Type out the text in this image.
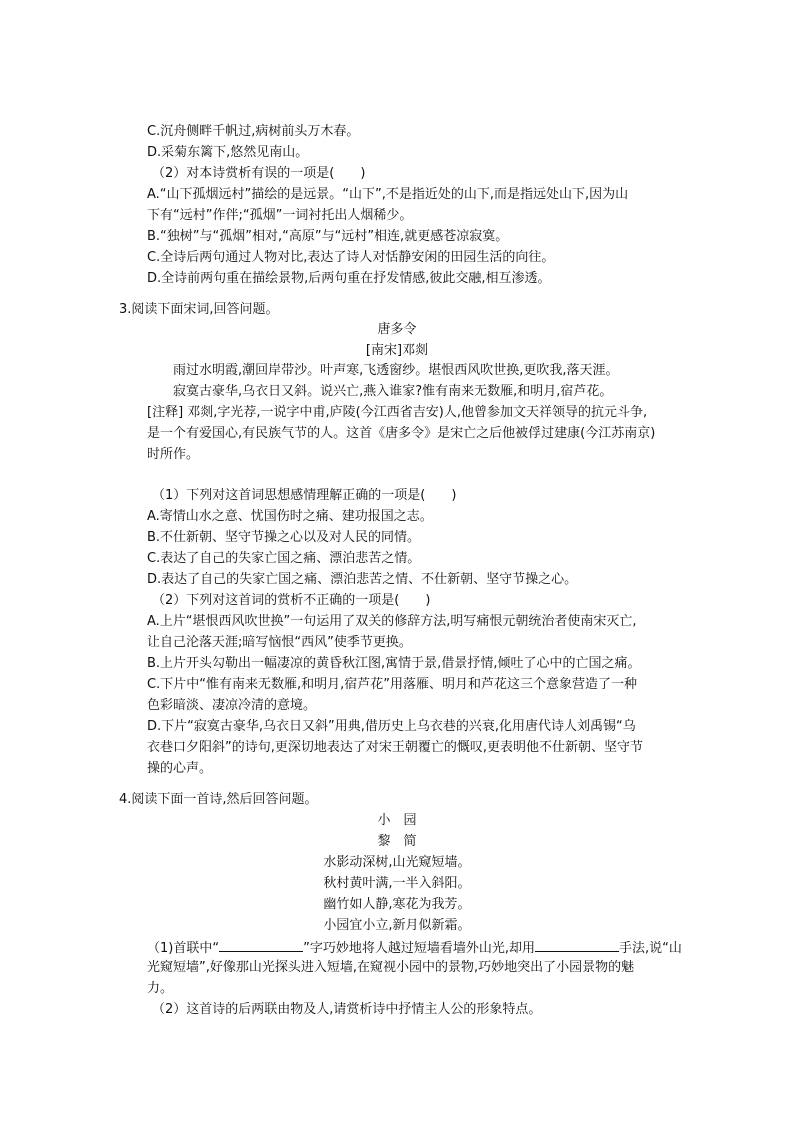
C.沉舟侧畔千帆过,病树前头万木春。
D.采菊东篱下,悠然见南山。
（2）对本诗赏析有误的一项是(　　)
A.“山下孤烟远村”描绘的是远景。“山下”,不是指近处的山下,而是指远处山下,因为山
下有“远村”作伴;“孤烟”一词衬托出人烟稀少。
B.“独树”与“孤烟”相对,“高原”与“远村”相连,就更感苍凉寂寞。
C.全诗后两句通过人物对比,表达了诗人对恬静安闲的田园生活的向往。
D.全诗前两句重在描绘景物,后两句重在抒发情感,彼此交融,相互渗透。
3.阅读下面宋词,回答问题。
唐多令
[南宋]邓剡
雨过水明霞,潮回岸带沙。叶声寒,飞透窗纱。堪恨西风吹世换,更吹我,落天涯。
寂寞古豪华,乌衣日又斜。说兴亡,燕入谁家?惟有南来无数雁,和明月,宿芦花。
[注释] 邓剡,字光荐,一说字中甫,庐陵(今江西省吉安)人,他曾参加文天祥领导的抗元斗争,
是一个有爱国心,有民族气节的人。这首《唐多令》是宋亡之后他被俘过建康(今江苏南京)
时所作。
（1）下列对这首词思想感情理解正确的一项是(　　)
A.寄情山水之意、忧国伤时之痛、建功报国之志。
B.不仕新朝、坚守节操之心以及对人民的同情。
C.表达了自己的失家亡国之痛、漂泊悲苦之情。
D.表达了自己的失家亡国之痛、漂泊悲苦之情、不仕新朝、坚守节操之心。
（2）下列对这首词的赏析不正确的一项是(　　)
A.上片“堪恨西风吹世换”一句运用了双关的修辞方法,明写痛恨元朝统治者使南宋灭亡,
让自己沦落天涯;暗写恼恨“西风”使季节更换。
B.上片开头勾勒出一幅凄凉的黄昏秋江图,寓情于景,借景抒情,倾吐了心中的亡国之痛。
C.下片中“惟有南来无数雁,和明月,宿芦花”用落雁、明月和芦花这三个意象营造了一种
色彩暗淡、凄凉冷清的意境。
D.下片“寂寞古豪华,乌衣日又斜”用典,借历史上乌衣巷的兴衰,化用唐代诗人刘禹锡“乌
衣巷口夕阳斜”的诗句,更深切地表达了对宋王朝覆亡的慨叹,更表明他不仕新朝、坚守节
操的心声。
4.阅读下面一首诗,然后回答问题。
小　园
黎　简
水影动深树,山光窥短墙。
秋村黄叶满,一半入斜阳。
幽竹如人静,寒花为我芳。
小园宜小立,新月似新霜。
（1)首联中“	”字巧妙地将人越过短墙看墙外山光,却用	手法,说“山
光窥短墙”,好像那山光探头进入短墙,在窥视小园中的景物,巧妙地突出了小园景物的魅
力。
（2）这首诗的后两联由物及人,请赏析诗中抒情主人公的形象特点。
